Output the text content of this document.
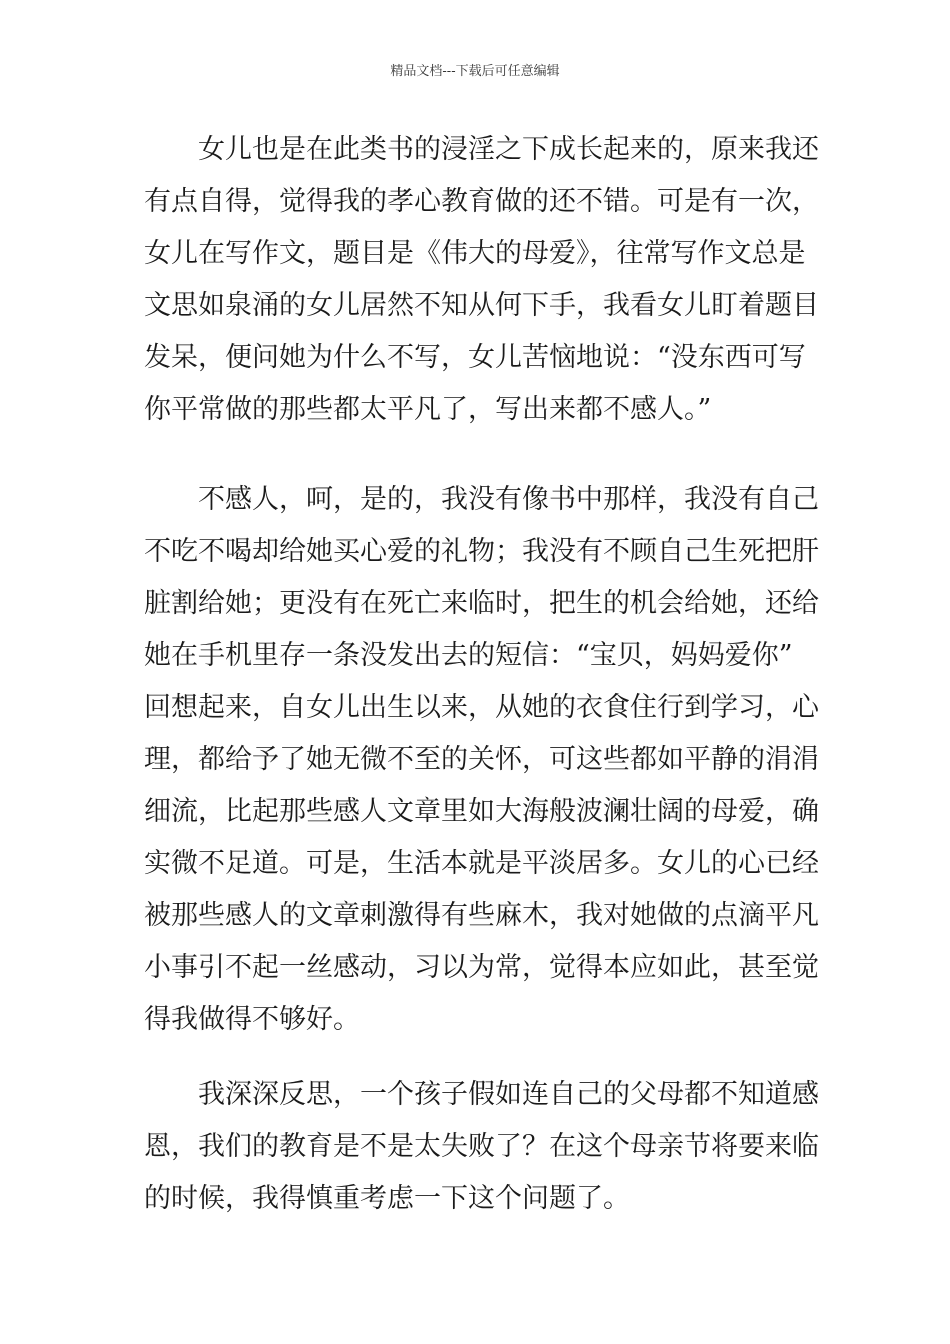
精品文档---下载后可任意编辑
　　女儿也是在此类书的浸淫之下成长起来的，原来我还
有点自得，觉得我的孝心教育做的还不错。可是有一次，
女儿在写作文，题目是《伟大的母爱》，往常写作文总是
文思如泉涌的女儿居然不知从何下手，我看女儿盯着题目
发呆，便问她为什么不写，女儿苦恼地说：“没东西可写
你平常做的那些都太平凡了，写出来都不感人。”
　　不感人，呵，是的，我没有像书中那样，我没有自己
不吃不喝却给她买心爱的礼物；我没有不顾自己生死把肝
脏割给她；更没有在死亡来临时，把生的机会给她，还给
她在手机里存一条没发出去的短信：“宝贝，妈妈爱你”
回想起来，自女儿出生以来，从她的衣食住行到学习，心
理，都给予了她无微不至的关怀，可这些都如平静的涓涓
细流，比起那些感人文章里如大海般波澜壮阔的母爱，确
实微不足道。可是，生活本就是平淡居多。女儿的心已经
被那些感人的文章刺激得有些麻木，我对她做的点滴平凡
小事引不起一丝感动，习以为常，觉得本应如此，甚至觉
得我做得不够好。
　　我深深反思，一个孩子假如连自己的父母都不知道感
恩，我们的教育是不是太失败了？在这个母亲节将要来临
的时候，我得慎重考虑一下这个问题了。
